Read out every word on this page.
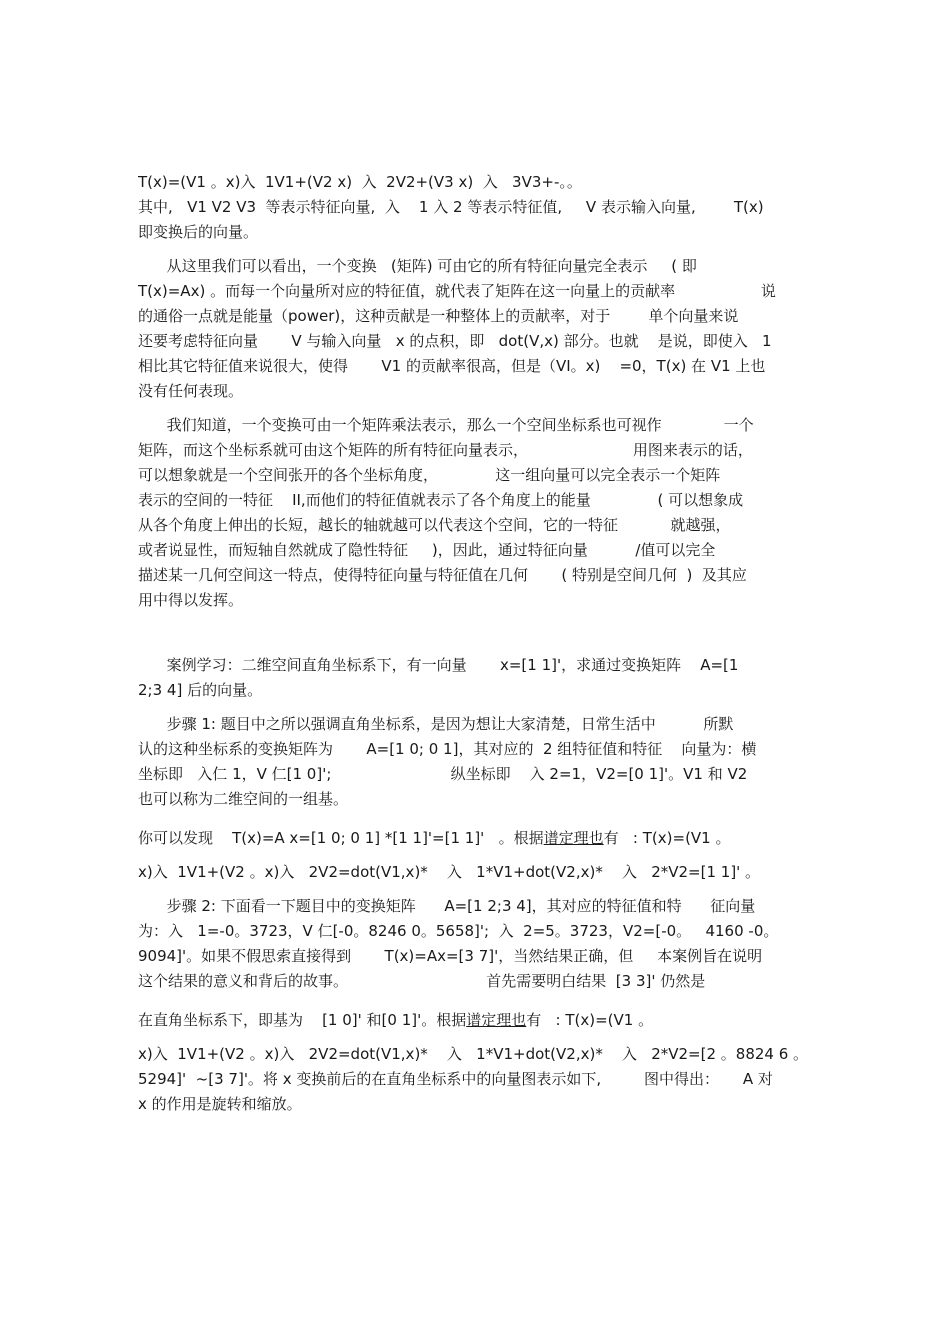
T(x)=(V1 。x)入  1V1+(V2 x)  入  2V2+(V3 x)  入   3V3+-。。
其中,   V1 V2 V3  等表示特征向量,  入    1 入 2 等表示特征值,     V 表示输入向量,        T(x)
即变换后的向量。
从这里我们可以看出，一个变换   (矩阵) 可由它的所有特征向量完全表示     ( 即
T(x)=Ax) 。而每一个向量所对应的特征值，就代表了矩阵在这一向量上的贡献率                  说
的通俗一点就是能量（power)，这种贡献是一种整体上的贡献率，对于        单个向量来说
还要考虑特征向量       V 与输入向量   x 的点积，即   dot(V,x) 部分。也就    是说，即使入   1
相比其它特征值来说很大，使得       V1 的贡献率很高，但是（VI。x)    =0，T(x) 在 V1 上也
没有任何表现。
我们知道，一个变换可由一个矩阵乘法表示，那么一个空间坐标系也可视作             一个
矩阵，而这个坐标系就可由这个矩阵的所有特征向量表示，                      用图来表示的话，
可以想象就是一个空间张开的各个坐标角度，            这一组向量可以完全表示一个矩阵
表示的空间的一特征    II,而他们的特征值就表示了各个角度上的能量              ( 可以想象成
从各个角度上伸出的长短，越长的轴就越可以代表这个空间，它的一特征           就越强，
或者说显性，而短轴自然就成了隐性特征     )，因此，通过特征向量          /值可以完全
描述某一几何空间这一特点，使得特征向量与特征值在几何       ( 特别是空间几何  )  及其应
用中得以发挥。
案例学习：二维空间直角坐标系下，有一向量       x=[1 1]'，求通过变换矩阵    A=[1
2;3 4] 后的向量。
步骤 1: 题目中之所以强调直角坐标系，是因为想让大家清楚，日常生活中          所默
认的这种坐标系的变换矩阵为       A=[1 0; 0 1]，其对应的  2 组特征值和特征    向量为：横
坐标即   入仁 1，V 仁[1 0]';                         纵坐标即    入 2=1，V2=[0 1]'。V1 和 V2
也可以称为二维空间的一组基。
你可以发现    T(x)=A x=[1 0; 0 1] *[1 1]'=[1 1]'   。根据谱定理也有   : T(x)=(V1 。
x)入  1V1+(V2 。x)入   2V2=dot(V1,x)*    入   1*V1+dot(V2,x)*    入   2*V2=[1 1]' 。
步骤 2: 下面看一下题目中的变换矩阵      A=[1 2;3 4]，其对应的特征值和特      征向量
为：入   1=-0。3723，V 仁[-0。8246 0。5658]';  入  2=5。3723，V2=[-0。   4160 -0。
9094]'。如果不假思索直接得到       T(x)=Ax=[3 7]'，当然结果正确，但     本案例旨在说明
这个结果的意义和背后的故事。                             首先需要明白结果  [3 3]' 仍然是
在直角坐标系下，即基为    [1 0]' 和[0 1]'。根据谱定理也有   : T(x)=(V1 。
x)入  1V1+(V2 。x)入   2V2=dot(V1,x)*    入   1*V1+dot(V2,x)*    入   2*V2=[2 。8824 6 。
5294]'  ~[3 7]'。将 x 变换前后的在直角坐标系中的向量图表示如下,         图中得出：     A 对
x 的作用是旋转和缩放。
